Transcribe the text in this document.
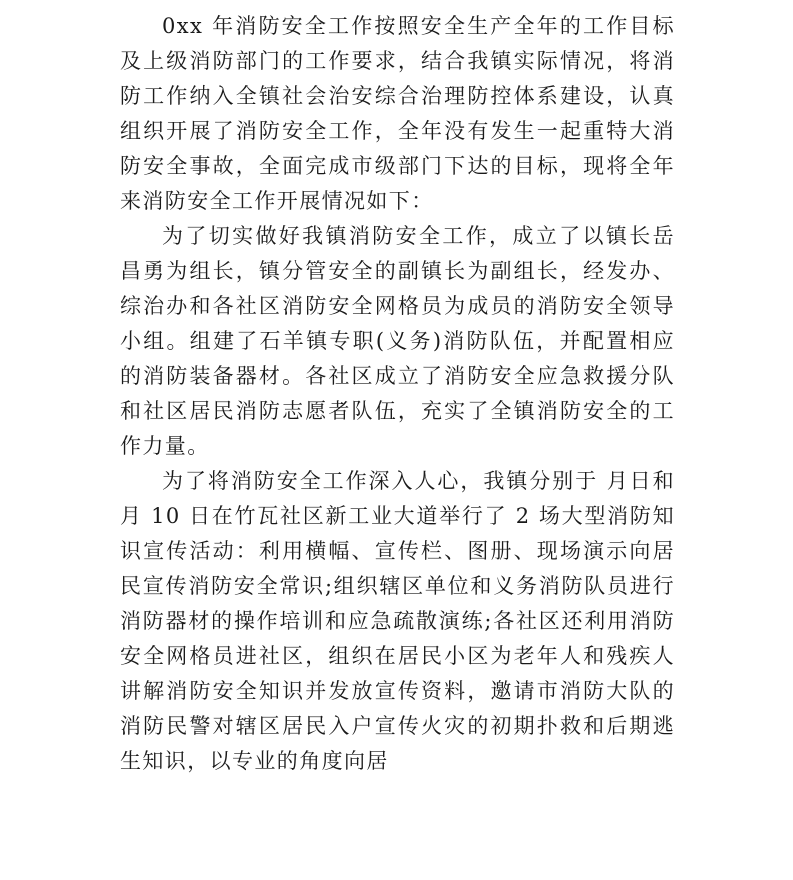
0xx 年消防安全工作按照安全生产全年的工作目标及上级消防部门的工作要求，结合我镇实际情况，将消防工作纳入全镇社会治安综合治理防控体系建设，认真组织开展了消防安全工作，全年没有发生一起重特大消防安全事故，全面完成市级部门下达的目标，现将全年来消防安全工作开展情况如下：

为了切实做好我镇消防安全工作，成立了以镇长岳昌勇为组长，镇分管安全的副镇长为副组长，经发办、综治办和各社区消防安全网格员为成员的消防安全领导小组。组建了石羊镇专职(义务)消防队伍，并配置相应的消防装备器材。各社区成立了消防安全应急救援分队和社区居民消防志愿者队伍，充实了全镇消防安全的工作力量。

为了将消防安全工作深入人心，我镇分别于 月日和月 10 日在竹瓦社区新工业大道举行了 2 场大型消防知识宣传活动：利用横幅、宣传栏、图册、现场演示向居民宣传消防安全常识;组织辖区单位和义务消防队员进行消防器材的操作培训和应急疏散演练;各社区还利用消防安全网格员进社区，组织在居民小区为老年人和残疾人讲解消防安全知识并发放宣传资料，邀请市消防大队的消防民警对辖区居民入户宣传火灾的初期扑救和后期逃生知识，以专业的角度向居
